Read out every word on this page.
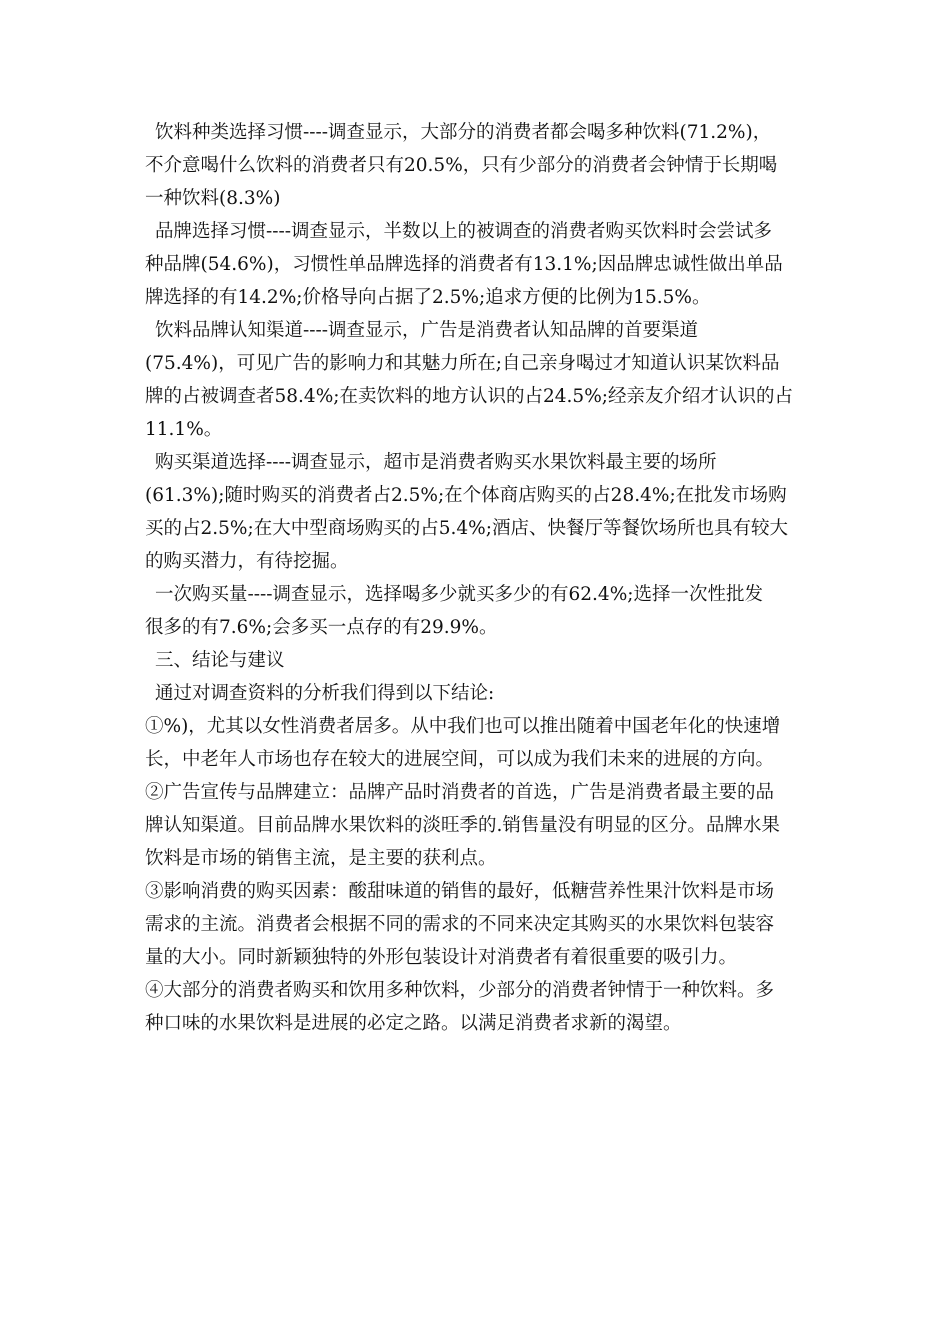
饮料种类选择习惯----调查显示，大部分的消费者都会喝多种饮料(71.2%)，
不介意喝什么饮料的消费者只有20.5%，只有少部分的消费者会钟情于长期喝
一种饮料(8.3%)

品牌选择习惯----调查显示，半数以上的被调查的消费者购买饮料时会尝试多
种品牌(54.6%)，习惯性单品牌选择的消费者有13.1%;因品牌忠诚性做出单品
牌选择的有14.2%;价格导向占据了2.5%;追求方便的比例为15.5%。

饮料品牌认知渠道----调查显示，广告是消费者认知品牌的首要渠道
(75.4%)，可见广告的影响力和其魅力所在;自己亲身喝过才知道认识某饮料品
牌的占被调查者58.4%;在卖饮料的地方认识的占24.5%;经亲友介绍才认识的占
11.1%。

购买渠道选择----调查显示，超市是消费者购买水果饮料最主要的场所
(61.3%);随时购买的消费者占2.5%;在个体商店购买的占28.4%;在批发市场购
买的占2.5%;在大中型商场购买的占5.4%;酒店、快餐厅等餐饮场所也具有较大
的购买潜力，有待挖掘。

一次购买量----调查显示，选择喝多少就买多少的有62.4%;选择一次性批发
很多的有7.6%;会多买一点存的有29.9%。

三、结论与建议

通过对调查资料的分析我们得到以下结论:

①%)，尤其以女性消费者居多。从中我们也可以推出随着中国老年化的快速增
长，中老年人市场也存在较大的进展空间，可以成为我们未来的进展的方向。

②广告宣传与品牌建立：品牌产品时消费者的首选，广告是消费者最主要的品
牌认知渠道。目前品牌水果饮料的淡旺季的.销售量没有明显的区分。品牌水果
饮料是市场的销售主流，是主要的获利点。

③影响消费的购买因素：酸甜味道的销售的最好，低糖营养性果汁饮料是市场
需求的主流。消费者会根据不同的需求的不同来决定其购买的水果饮料包装容
量的大小。同时新颖独特的外形包装设计对消费者有着很重要的吸引力。

④大部分的消费者购买和饮用多种饮料，少部分的消费者钟情于一种饮料。多
种口味的水果饮料是进展的必定之路。以满足消费者求新的渴望。
